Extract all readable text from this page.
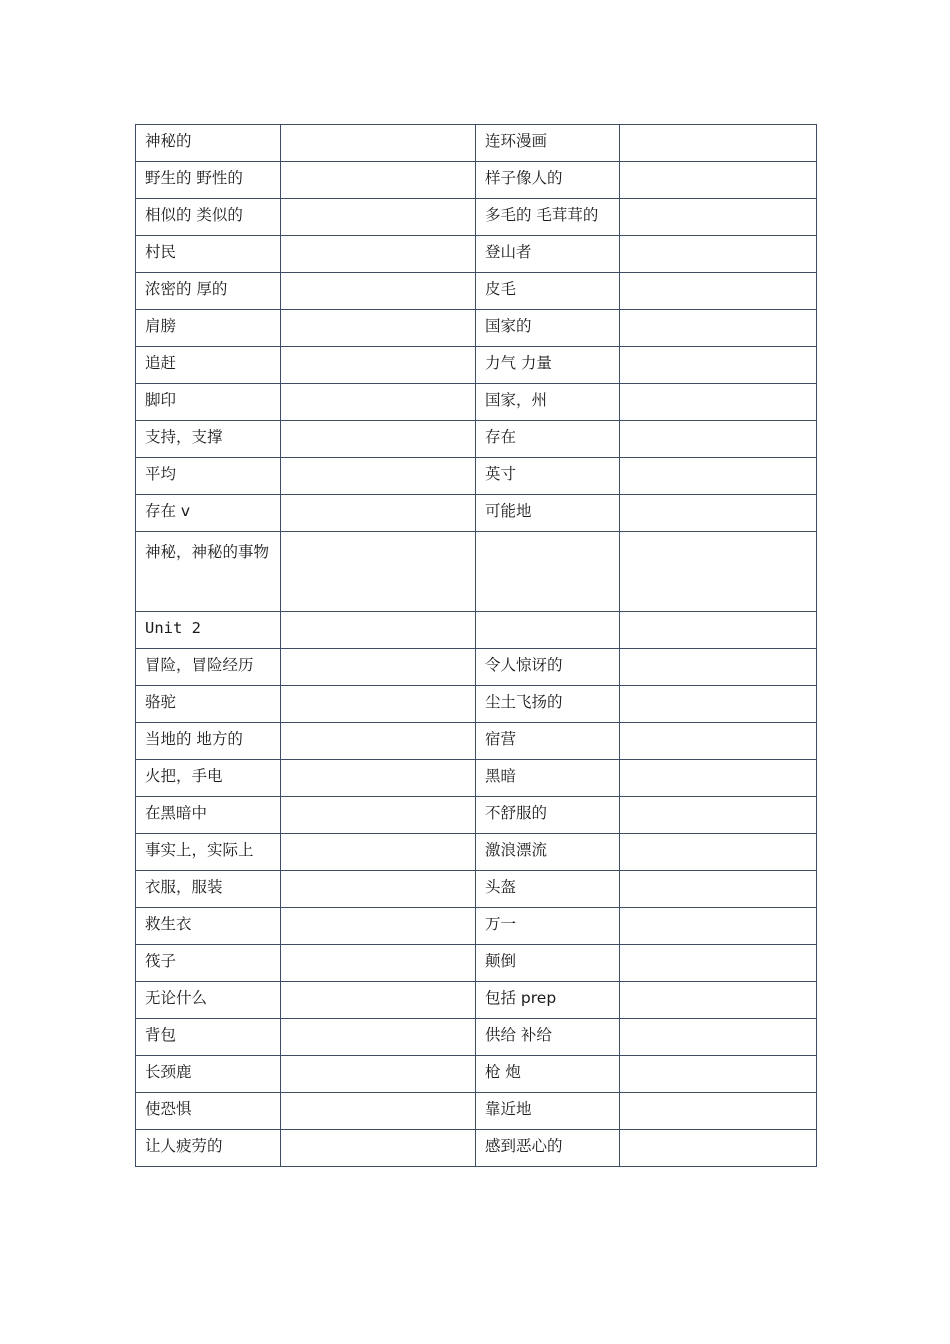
神秘的		连环漫画	
野生的 野性的		样子像人的	
相似的 类似的		多毛的 毛茸茸的	
村民		登山者	
浓密的 厚的		皮毛	
肩膀		国家的	
追赶		力气 力量	
脚印		国家，州	
支持，支撑		存在	
平均		英寸	
存在 v		可能地	
神秘，神秘的事物			
Unit 2			
冒险，冒险经历		令人惊讶的	
骆驼		尘土飞扬的	
当地的 地方的		宿营	
火把，手电		黑暗	
在黑暗中		不舒服的	
事实上，实际上		激浪漂流	
衣服，服装		头盔	
救生衣		万一	
筏子		颠倒	
无论什么		包括 prep	
背包		供给 补给	
长颈鹿		枪 炮	
使恐惧		靠近地	
让人疲劳的		感到恶心的	
